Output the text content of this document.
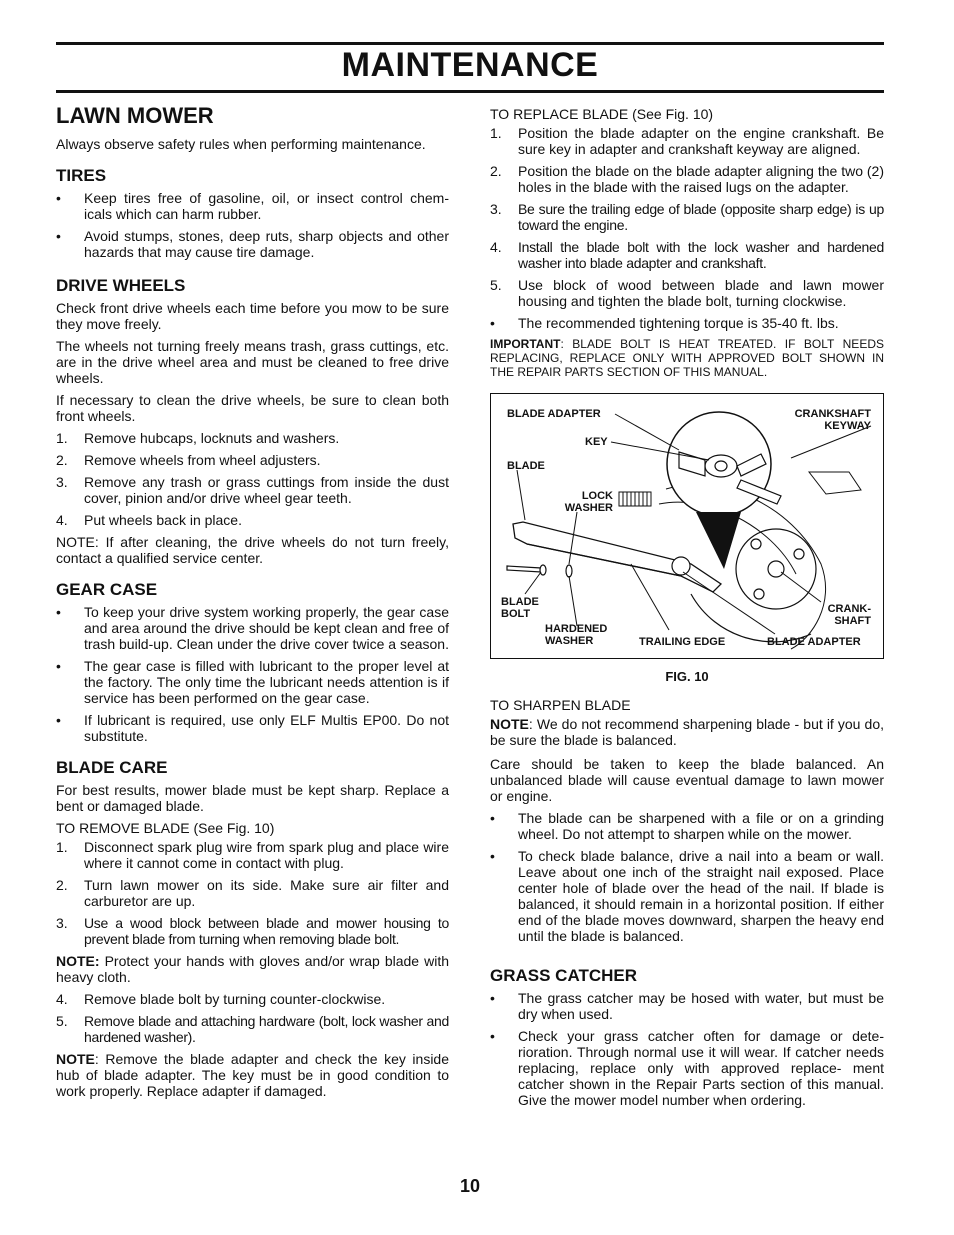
MAINTENANCE
LAWN MOWER

Always observe safety rules when performing maintenance.

TIRES
•	Keep tires free of gasoline, oil, or insect control chem- icals which can harm rubber.
•	Avoid stumps, stones, deep ruts, sharp objects and other hazards that may cause tire damage.
DRIVE WHEELS

Check front drive wheels each time before you mow to be sure they move freely.

The wheels not turning freely means trash, grass cuttings, etc. are in the drive wheel area and must be cleaned to free drive wheels.

If necessary to clean the drive wheels, be sure to clean both front wheels.

1.	Remove hubcaps, locknuts and washers.
2.	Remove wheels from wheel adjusters.
3.	Remove any trash or grass cuttings from inside the dust cover, pinion and/or drive wheel gear teeth.
4.	Put wheels back in place.

NOTE: If after cleaning, the drive wheels do not turn freely, contact a qualified service center.

GEAR CASE
•	To keep your drive system working properly, the gear case and area around the drive should be kept clean and free of trash build-up. Clean under the drive cover twice a season.
•	The gear case is filled with lubricant to the proper level at the factory. The only time the lubricant needs attention is if service has been performed on the gear case.
•	If lubricant is required, use only ELF Multis EP00. Do not substitute.
BLADE CARE

For best results, mower blade must be kept sharp. Replace a bent or damaged blade.

TO REMOVE BLADE (See Fig. 10)

1.	Disconnect spark plug wire from spark plug and place wire where it cannot come in contact with plug.
2.	Turn lawn mower on its side. Make sure air filter and carburetor are up.
3.	Use a wood block between blade and mower housing to prevent blade from turning when removing blade bolt.

NOTE: Protect your hands with gloves and/or wrap blade with heavy cloth.

4.	Remove blade bolt by turning counter-clockwise.
5.	Remove blade and attaching hardware (bolt, lock washer and hardened washer).

NOTE: Remove the blade adapter and check the key inside hub of blade adapter. The key must be in good condition to work properly. Replace adapter if damaged.

TO REPLACE BLADE (See Fig. 10)

1.	Position the blade adapter on the engine crankshaft. Be sure key in adapter and crankshaft keyway are aligned.
2.	Position the blade on the blade adapter aligning the two (2) holes in the blade with the raised lugs on the adapter.
3.	Be sure the trailing edge of blade (opposite sharp edge) is up toward the engine.
4.	Install the blade bolt with the lock washer and hardened washer into blade adapter and crankshaft.
5.	Use block of wood between blade and lawn mower housing and tighten the blade bolt, turning clockwise.
•	The recommended tightening torque is 35-40 ft. lbs.

IMPORTANT: BLADE BOLT IS HEAT TREATED. IF BOLT NEEDS REPLACING, REPLACE ONLY WITH APPROVED BOLT SHOWN IN THE REPAIR PARTS SECTION OF THIS MANUAL.

BLADE ADAPTER	CRANKSHAFT KEYWAY
KEY
BLADE
LOCK WASHER
BLADE BOLT
HARDENED WASHER	TRAILING EDGE	BLADE ADAPTER
CRANK- SHAFT
FIG. 10

TO SHARPEN BLADE

NOTE: We do not recommend sharpening blade - but if you do, be sure the blade is balanced.

Care should be taken to keep the blade balanced. An unbalanced blade will cause eventual damage to lawn mower or engine.

•	The blade can be sharpened with a file or on a grinding wheel. Do not attempt to sharpen while on the mower.
•	To check blade balance, drive a nail into a beam or wall. Leave about one inch of the straight nail exposed. Place center hole of blade over the head of the nail. If blade is balanced, it should remain in a horizontal position. If either end of the blade moves downward, sharpen the heavy end until the blade is balanced.
GRASS CATCHER
•	The grass catcher may be hosed with water, but must be dry when used.
•	Check your grass catcher often for damage or dete- rioration. Through normal use it will wear. If catcher needs replacing, replace only with approved replace- ment catcher shown in the Repair Parts section of this manual. Give the mower model number when ordering.
10
